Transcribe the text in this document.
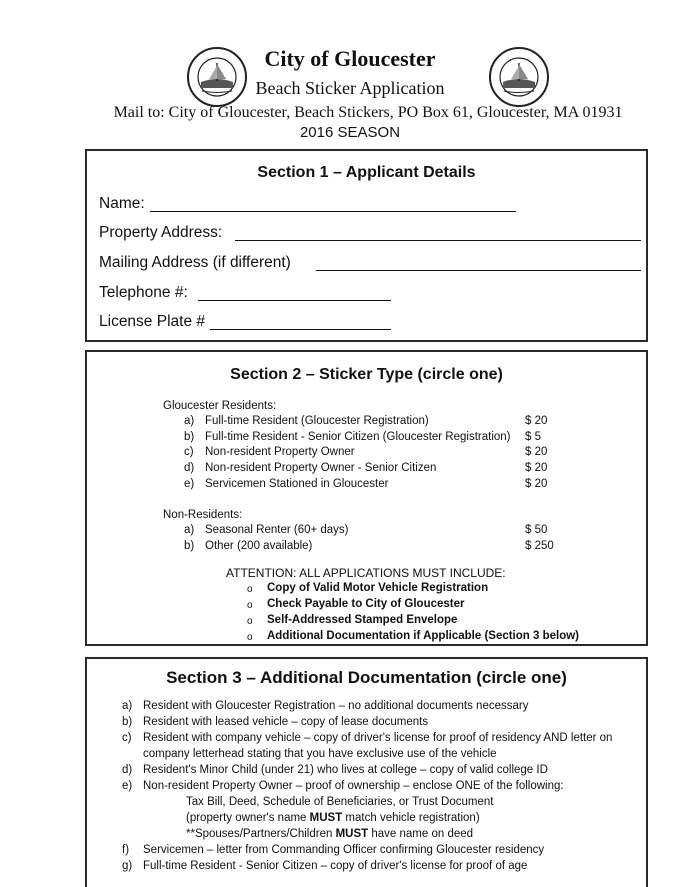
City of Gloucester
Beach Sticker Application
Mail to: City of Gloucester, Beach Stickers, PO Box 61, Gloucester, MA 01931
2016 SEASON
Section 1 – Applicant Details
Name:
Property Address:
Mailing Address (if different)
Telephone #:
License Plate #
Section 2 – Sticker Type (circle one)
Gloucester Residents:
a) Full-time Resident (Gloucester Registration)	$ 20
b) Full-time Resident - Senior Citizen (Gloucester Registration) $ 5
c) Non-resident Property Owner	$ 20
d) Non-resident Property Owner - Senior Citizen	$ 20
e) Servicemen Stationed in Gloucester	$ 20
Non-Residents:
a) Seasonal Renter (60+ days)	$ 50
b) Other (200 available)	$ 250
ATTENTION: ALL APPLICATIONS MUST INCLUDE:
o Copy of Valid Motor Vehicle Registration
o Check Payable to City of Gloucester
o Self-Addressed Stamped Envelope
o Additional Documentation if Applicable (Section 3 below)
Section 3 – Additional Documentation (circle one)
a) Resident with Gloucester Registration – no additional documents necessary
b) Resident with leased vehicle – copy of lease documents
c) Resident with company vehicle – copy of driver's license for proof of residency AND letter on
company letterhead stating that you have exclusive use of the vehicle
d) Resident's Minor Child (under 21) who lives at college – copy of valid college ID
e) Non-resident Property Owner – proof of ownership – enclose ONE of the following:
Tax Bill, Deed, Schedule of Beneficiaries, or Trust Document
(property owner's name MUST match vehicle registration)
**Spouses/Partners/Children MUST have name on deed
f) Servicemen – letter from Commanding Officer confirming Gloucester residency
g) Full-time Resident - Senior Citizen – copy of driver's license for proof of age
